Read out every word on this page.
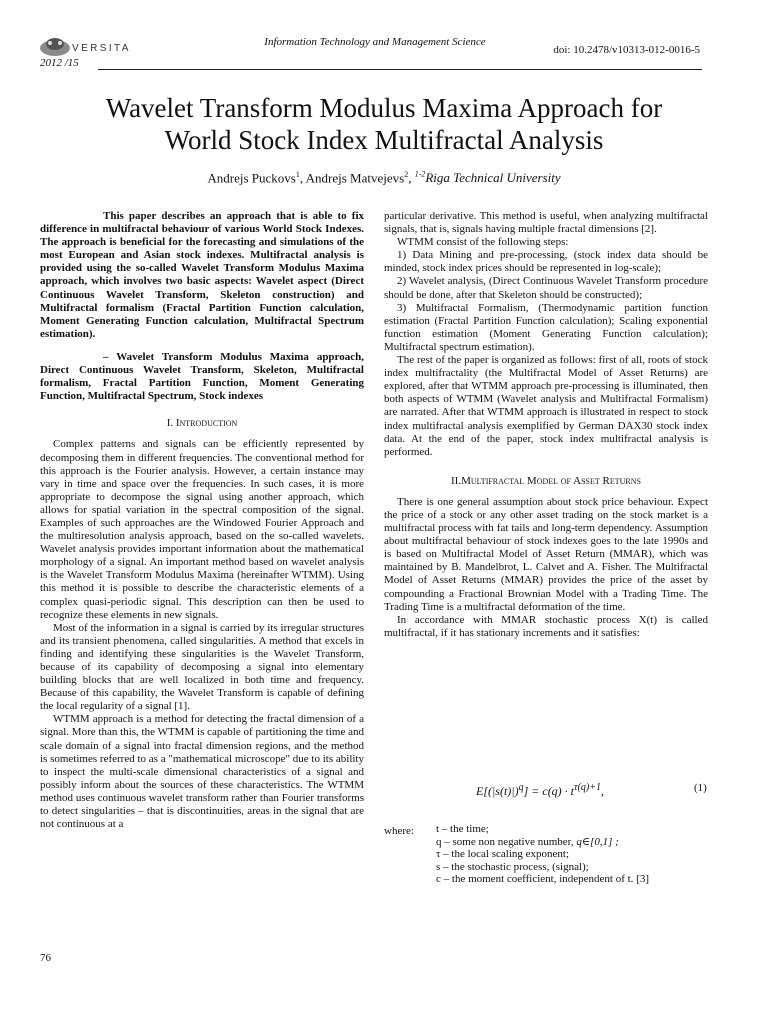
VERSITA
Information Technology and Management Science
doi: 10.2478/v10313-012-0016-5
2012 /15
Wavelet Transform Modulus Maxima Approach for
World Stock Index Multifractal Analysis
Andrejs Puckovs$^1$, Andrejs Matvejevs$^2$, $^{1-2}$Riga Technical University

This paper describes an approach that is able to fix difference in multifractal behaviour of various World Stock Indexes. The approach is beneficial for the forecasting and simulations of the most European and Asian stock indexes. Multifractal analysis is provided using the so-called Wavelet Transform Modulus Maxima approach, which involves two basic aspects: Wavelet aspect (Direct Continuous Wavelet Transform, Skeleton construction) and Multifractal formalism (Fractal Partition Function calculation, Moment Generating Function calculation, Multifractal Spectrum estimation).

– Wavelet Transform Modulus Maxima approach, Direct Continuous Wavelet Transform, Skeleton, Multifractal formalism, Fractal Partition Function, Moment Generating Function, Multifractal Spectrum, Stock indexes

I. Introduction

Complex patterns and signals can be efficiently represented by decomposing them in different frequencies. The conventional method for this approach is the Fourier analysis. However, a certain instance may vary in time and space over the frequencies. In such cases, it is more appropriate to decompose the signal using another approach, which allows for spatial variation in the spectral composition of the signal. Examples of such approaches are the Windowed Fourier Approach and the multiresolution analysis approach, based on the so-called wavelets. Wavelet analysis provides important information about the mathematical morphology of a signal. An important method based on wavelet analysis is the Wavelet Transform Modulus Maxima (hereinafter WTMM). Using this method it is possible to describe the characteristic elements of a complex quasi-periodic signal. This description can then be used to recognize these elements in new signals.

Most of the information in a signal is carried by its irregular structures and its transient phenomena, called singularities. A method that excels in finding and identifying these singularities is the Wavelet Transform, because of its capability of decomposing a signal into elementary building blocks that are well localized in both time and frequency. Because of this capability, the Wavelet Transform is capable of defining the local regularity of a signal [1].

WTMM approach is a method for detecting the fractal dimension of a signal. More than this, the WTMM is capable of partitioning the time and scale domain of a signal into fractal dimension regions, and the method is sometimes referred to as a "mathematical microscope" due to its ability to inspect the multi-scale dimensional characteristics of a signal and possibly inform about the sources of these characteristics. The WTMM method uses continuous wavelet transform rather than Fourier transforms to detect singularities – that is discontinuities, areas in the signal that are not continuous at a

particular derivative. This method is useful, when analyzing multifractal signals, that is, signals having multiple fractal dimensions [2].

WTMM consist of the following steps:

1) Data Mining and pre-processing, (stock index data should be minded, stock index prices should be represented in log-scale);

2) Wavelet analysis, (Direct Continuous Wavelet Transform procedure should be done, after that Skeleton should be constructed);

3) Multifractal Formalism, (Thermodynamic partition function estimation (Fractal Partition Function calculation); Scaling exponential function estimation (Moment Generating Function calculation); Multifractal spectrum estimation).

The rest of the paper is organized as follows: first of all, roots of stock index multifractality (the Multifractal Model of Asset Returns) are explored, after that WTMM approach pre-processing is illuminated, then both aspects of WTMM (Wavelet analysis and Multifractal Formalism) are narrated. After that WTMM approach is illustrated in respect to stock index multifractal analysis exemplified by German DAX30 stock index data. At the end of the paper, stock index multifractal analysis is performed.

II.Multifractal Model of Asset Returns

There is one general assumption about stock price behaviour. Expect the price of a stock or any other asset trading on the stock market is a multifractal process with fat tails and long-term dependency. Assumption about multifractal behaviour of stock indexes goes to the late 1990s and is based on Multifractal Model of Asset Return (MMAR), which was maintained by B. Mandelbrot, L. Calvet and A. Fisher. The Multifractal Model of Asset Returns (MMAR) provides the price of the asset by compounding a Fractional Brownian Model with a Trading Time. The Trading Time is a multifractal deformation of the time.

In accordance with MMAR stochastic process X(t) is called multifractal, if it has stationary increments and it satisfies:

$E[(|s(t)|)^q] = c(q) \cdot t^{\tau(q)+1}$,	(1)
where: t – the time;
q – some non negative number, q∈[0,1] ;
τ – the local scaling exponent;
s – the stochastic process, (signal);
c – the moment coefficient, independent of t. [3]
76
